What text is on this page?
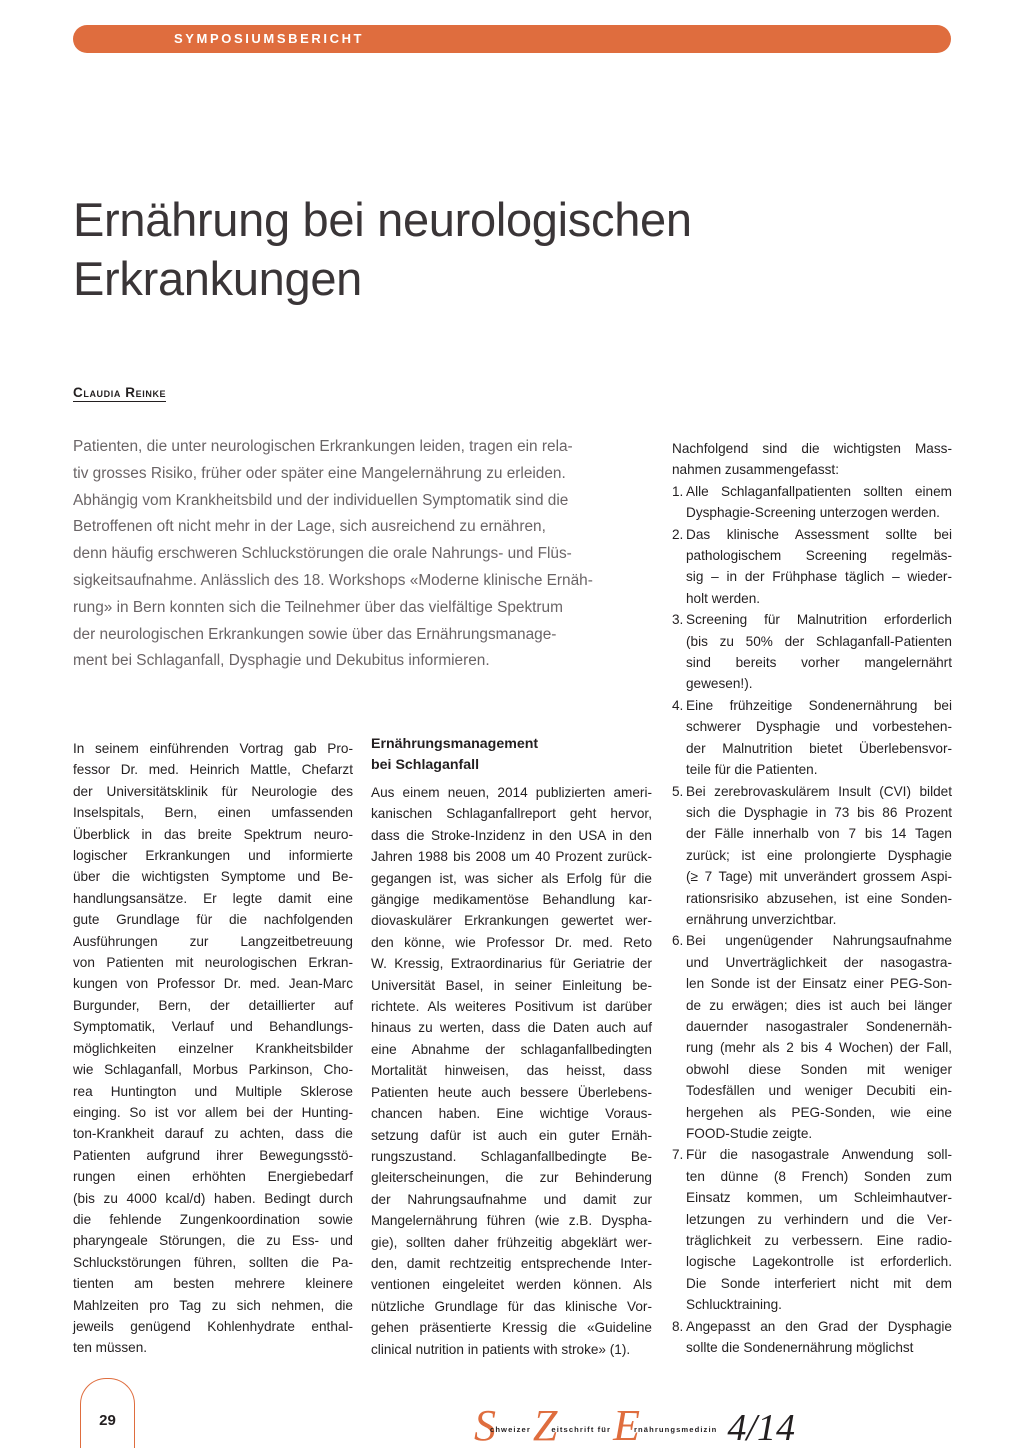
SYMPOSIUMSBERICHT
Ernährung bei neurologischen
Erkrankungen
Claudia Reinke
Patienten, die unter neurologischen Erkrankungen leiden, tragen ein rela-
tiv grosses Risiko, früher oder später eine Mangelernährung zu erleiden.
Abhängig vom Krankheitsbild und der individuellen Symptomatik sind die
Betroffenen oft nicht mehr in der Lage, sich ausreichend zu ernähren,
denn häufig erschweren Schluckstörungen die orale Nahrungs- und Flüs-
sigkeitsaufnahme. Anlässlich des 18. Workshops «Moderne klinische Ernäh-
rung» in Bern konnten sich die Teilnehmer über das vielfältige Spektrum
der neurologischen Erkrankungen sowie über das Ernährungsmanage-
ment bei Schlaganfall, Dysphagie und Dekubitus informieren.
In seinem einführenden Vortrag gab Pro-
fessor Dr. med. Heinrich Mattle, Chefarzt
der Universitätsklinik für Neurologie des
Inselspitals, Bern, einen umfassenden
Überblick in das breite Spektrum neuro-
logischer Erkrankungen und informierte
über die wichtigsten Symptome und Be-
handlungsansätze. Er legte damit eine
gute Grundlage für die nachfolgenden
Ausführungen zur Langzeitbetreuung
von Patienten mit neurologischen Erkran-
kungen von Professor Dr. med. Jean-Marc
Burgunder, Bern, der detaillierter auf
Symptomatik, Verlauf und Behandlungs-
möglichkeiten einzelner Krankheitsbilder
wie Schlaganfall, Morbus Parkinson, Cho-
rea Huntington und Multiple Sklerose
einging. So ist vor allem bei der Hunting-
ton-Krankheit darauf zu achten, dass die
Patienten aufgrund ihrer Bewegungsstö-
rungen einen erhöhten Energiebedarf
(bis zu 4000 kcal/d) haben. Bedingt durch
die fehlende Zungenkoordination sowie
pharyngeale Störungen, die zu Ess- und
Schluckstörungen führen, sollten die Pa-
tienten am besten mehrere kleinere
Mahlzeiten pro Tag zu sich nehmen, die
jeweils genügend Kohlenhydrate enthal-
ten müssen.
Ernährungsmanagement
bei Schlaganfall
Aus einem neuen, 2014 publizierten ameri-
kanischen Schlaganfallreport geht hervor,
dass die Stroke-Inzidenz in den USA in den
Jahren 1988 bis 2008 um 40 Prozent zurück-
gegangen ist, was sicher als Erfolg für die
gängige medikamentöse Behandlung kar-
diovaskulärer Erkrankungen gewertet wer-
den könne, wie Professor Dr. med. Reto
W. Kressig, Extraordinarius für Geriatrie der
Universität Basel, in seiner Einleitung be-
richtete. Als weiteres Positivum ist darüber
hinaus zu werten, dass die Daten auch auf
eine Abnahme der schlaganfallbedingten
Mortalität hinweisen, das heisst, dass
Patienten heute auch bessere Überlebens-
chancen haben. Eine wichtige Voraus-
setzung dafür ist auch ein guter Ernäh-
rungszustand. Schlaganfallbedingte Be-
gleiterscheinungen, die zur Behinderung
der Nahrungsaufnahme und damit zur
Mangelernährung führen (wie z.B. Dyspha-
gie), sollten daher frühzeitig abgeklärt wer-
den, damit rechtzeitig entsprechende Inter-
ventionen eingeleitet werden können. Als
nützliche Grundlage für das klinische Vor-
gehen präsentierte Kressig die «Guideline
clinical nutrition in patients with stroke» (1).
Nachfolgend sind die wichtigsten Mass-
nahmen zusammengefasst:
1. Alle Schlaganfallpatienten sollten einem
Dysphagie-Screening unterzogen werden.
2. Das klinische Assessment sollte bei
pathologischem Screening regelmäs-
sig – in der Frühphase täglich – wieder-
holt werden.
3. Screening für Malnutrition erforderlich
(bis zu 50% der Schlaganfall-Patienten
sind bereits vorher mangelernährt
gewesen!).
4. Eine frühzeitige Sondenernährung bei
schwerer Dysphagie und vorbestehen-
der Malnutrition bietet Überlebensvor-
teile für die Patienten.
5. Bei zerebrovaskulärem Insult (CVI) bildet
sich die Dysphagie in 73 bis 86 Prozent
der Fälle innerhalb von 7 bis 14 Tagen
zurück; ist eine prolongierte Dysphagie
(≥ 7 Tage) mit unverändert grossem Aspi-
rationsrisiko abzusehen, ist eine Sonden-
ernährung unverzichtbar.
6. Bei ungenügender Nahrungsaufnahme
und Unverträglichkeit der nasogastra-
len Sonde ist der Einsatz einer PEG-Son-
de zu erwägen; dies ist auch bei länger
dauernder nasogastraler Sondenernäh-
rung (mehr als 2 bis 4 Wochen) der Fall,
obwohl diese Sonden mit weniger
Todesfällen und weniger Decubiti ein-
hergehen als PEG-Sonden, wie eine
FOOD-Studie zeigte.
7. Für die nasogastrale Anwendung soll-
ten dünne (8 French) Sonden zum
Einsatz kommen, um Schleimhautver-
letzungen zu verhindern und die Ver-
träglichkeit zu verbessern. Eine radio-
logische Lagekontrolle ist erforderlich.
Die Sonde interferiert nicht mit dem
Schlucktraining.
8. Angepasst an den Grad der Dysphagie
sollte die Sondenernährung möglichst
29	$S^{chweizer}$ $Z^{eitschrift für}$ $E^{rnährungsmedizin}$ 4/14
